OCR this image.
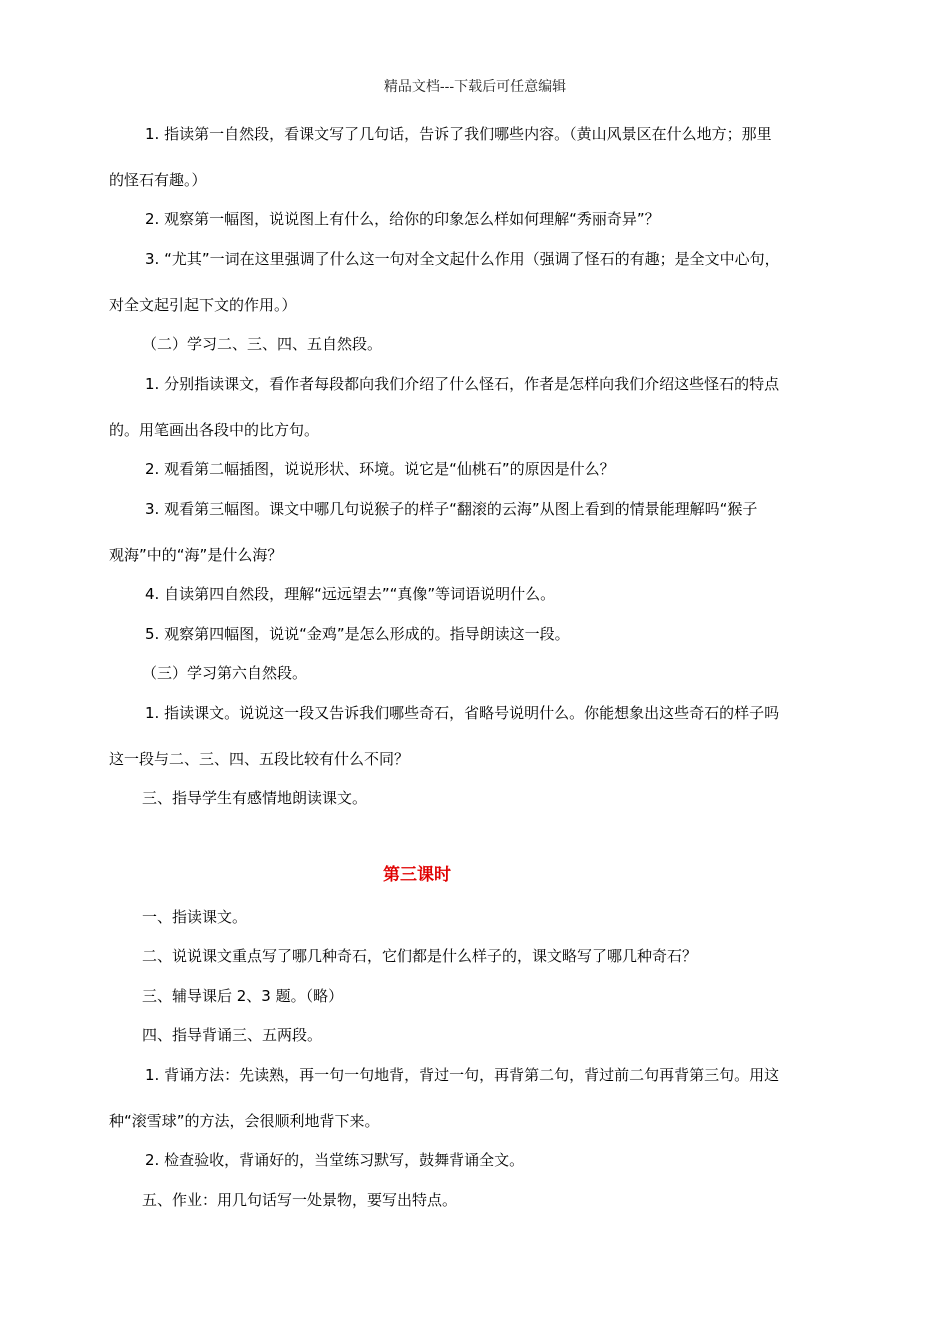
精品文档---下载后可任意编辑
1. 指读第一自然段，看课文写了几句话，告诉了我们哪些内容。（黄山风景区在什么地方；那里
的怪石有趣。）
2. 观察第一幅图，说说图上有什么，给你的印象怎么样如何理解“秀丽奇异”？
3. “尤其”一词在这里强调了什么这一句对全文起什么作用（强调了怪石的有趣；是全文中心句，
对全文起引起下文的作用。）
（二）学习二、三、四、五自然段。
1. 分别指读课文，看作者每段都向我们介绍了什么怪石，作者是怎样向我们介绍这些怪石的特点
的。用笔画出各段中的比方句。
2. 观看第二幅插图，说说形状、环境。说它是“仙桃石”的原因是什么？
3. 观看第三幅图。课文中哪几句说猴子的样子“翻滚的云海”从图上看到的情景能理解吗“猴子
观海”中的“海”是什么海？
4. 自读第四自然段，理解“远远望去”“真像”等词语说明什么。
5. 观察第四幅图，说说“金鸡”是怎么形成的。指导朗读这一段。
（三）学习第六自然段。
1. 指读课文。说说这一段又告诉我们哪些奇石，省略号说明什么。你能想象出这些奇石的样子吗
这一段与二、三、四、五段比较有什么不同？
三、指导学生有感情地朗读课文。
第三课时
一、指读课文。
二、说说课文重点写了哪几种奇石，它们都是什么样子的，课文略写了哪几种奇石？
三、辅导课后 2、3 题。（略）
四、指导背诵三、五两段。
1. 背诵方法：先读熟，再一句一句地背，背过一句，再背第二句，背过前二句再背第三句。用这
种“滚雪球”的方法，会很顺利地背下来。
2. 检查验收，背诵好的，当堂练习默写，鼓舞背诵全文。
五、作业：用几句话写一处景物，要写出特点。
